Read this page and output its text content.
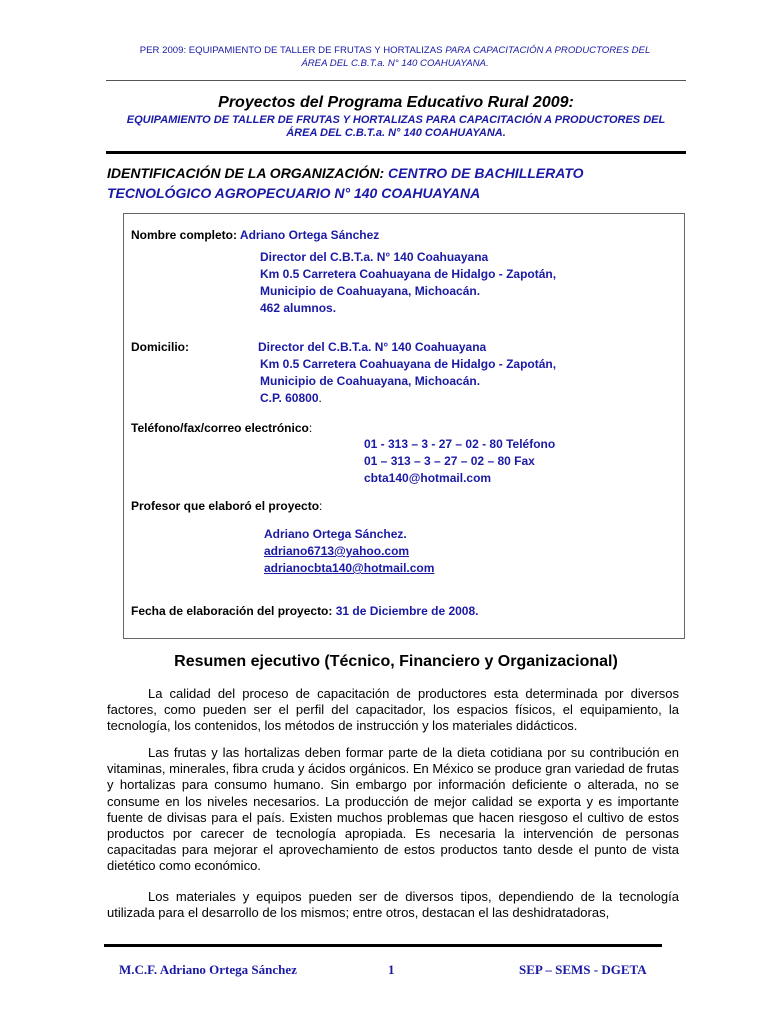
PER 2009: EQUIPAMIENTO DE TALLER DE FRUTAS Y HORTALIZAS PARA CAPACITACIÓN A PRODUCTORES DEL
ÁREA DEL C.B.T.a. N° 140 COAHUAYANA.
Proyectos del Programa Educativo Rural 2009:
EQUIPAMIENTO DE TALLER DE FRUTAS Y HORTALIZAS PARA CAPACITACIÓN A PRODUCTORES DEL
ÁREA DEL C.B.T.a. N° 140 COAHUAYANA.
IDENTIFICACIÓN DE LA ORGANIZACIÓN: CENTRO DE BACHILLERATO
TECNOLÓGICO AGROPECUARIO N° 140 COAHUAYANA
Nombre completo: Adriano Ortega Sánchez
Director del C.B.T.a. N° 140 Coahuayana
Km 0.5 Carretera Coahuayana de Hidalgo - Zapotán,
Municipio de Coahuayana, Michoacán.
462 alumnos.
Domicilio:	Director del C.B.T.a. N° 140 Coahuayana
Km 0.5 Carretera Coahuayana de Hidalgo - Zapotán,
Municipio de Coahuayana, Michoacán.
C.P. 60800.
Teléfono/fax/correo electrónico:
01 - 313 – 3 - 27 – 02 - 80 Teléfono
01 – 313 – 3 – 27 – 02 – 80 Fax
cbta140@hotmail.com
Profesor que elaboró el proyecto:
Adriano Ortega Sánchez.
adriano6713@yahoo.com
adrianocbta140@hotmail.com
Fecha de elaboración del proyecto: 31 de Diciembre de 2008.
Resumen ejecutivo (Técnico, Financiero y Organizacional)
La calidad del proceso de capacitación de productores esta determinada por diversos factores, como pueden ser el perfil del capacitador, los espacios físicos, el equipamiento, la tecnología, los contenidos, los métodos de instrucción y los materiales didácticos.
Las frutas y las hortalizas deben formar parte de la dieta cotidiana por su contribución en vitaminas, minerales, fibra cruda y ácidos orgánicos. En México se produce gran variedad de frutas y hortalizas para consumo humano. Sin embargo por información deficiente o alterada, no se consume en los niveles necesarios. La producción de mejor calidad se exporta y es importante fuente de divisas para el país. Existen muchos problemas que hacen riesgoso el cultivo de estos productos por carecer de tecnología apropiada. Es necesaria la intervención de personas capacitadas para mejorar el aprovechamiento de estos productos tanto desde el punto de vista dietético como económico.
Los materiales y equipos pueden ser de diversos tipos, dependiendo de la tecnología utilizada para el desarrollo de los mismos; entre otros, destacan el las deshidratadoras,
M.C.F. Adriano Ortega Sánchez	1	SEP – SEMS - DGETA
